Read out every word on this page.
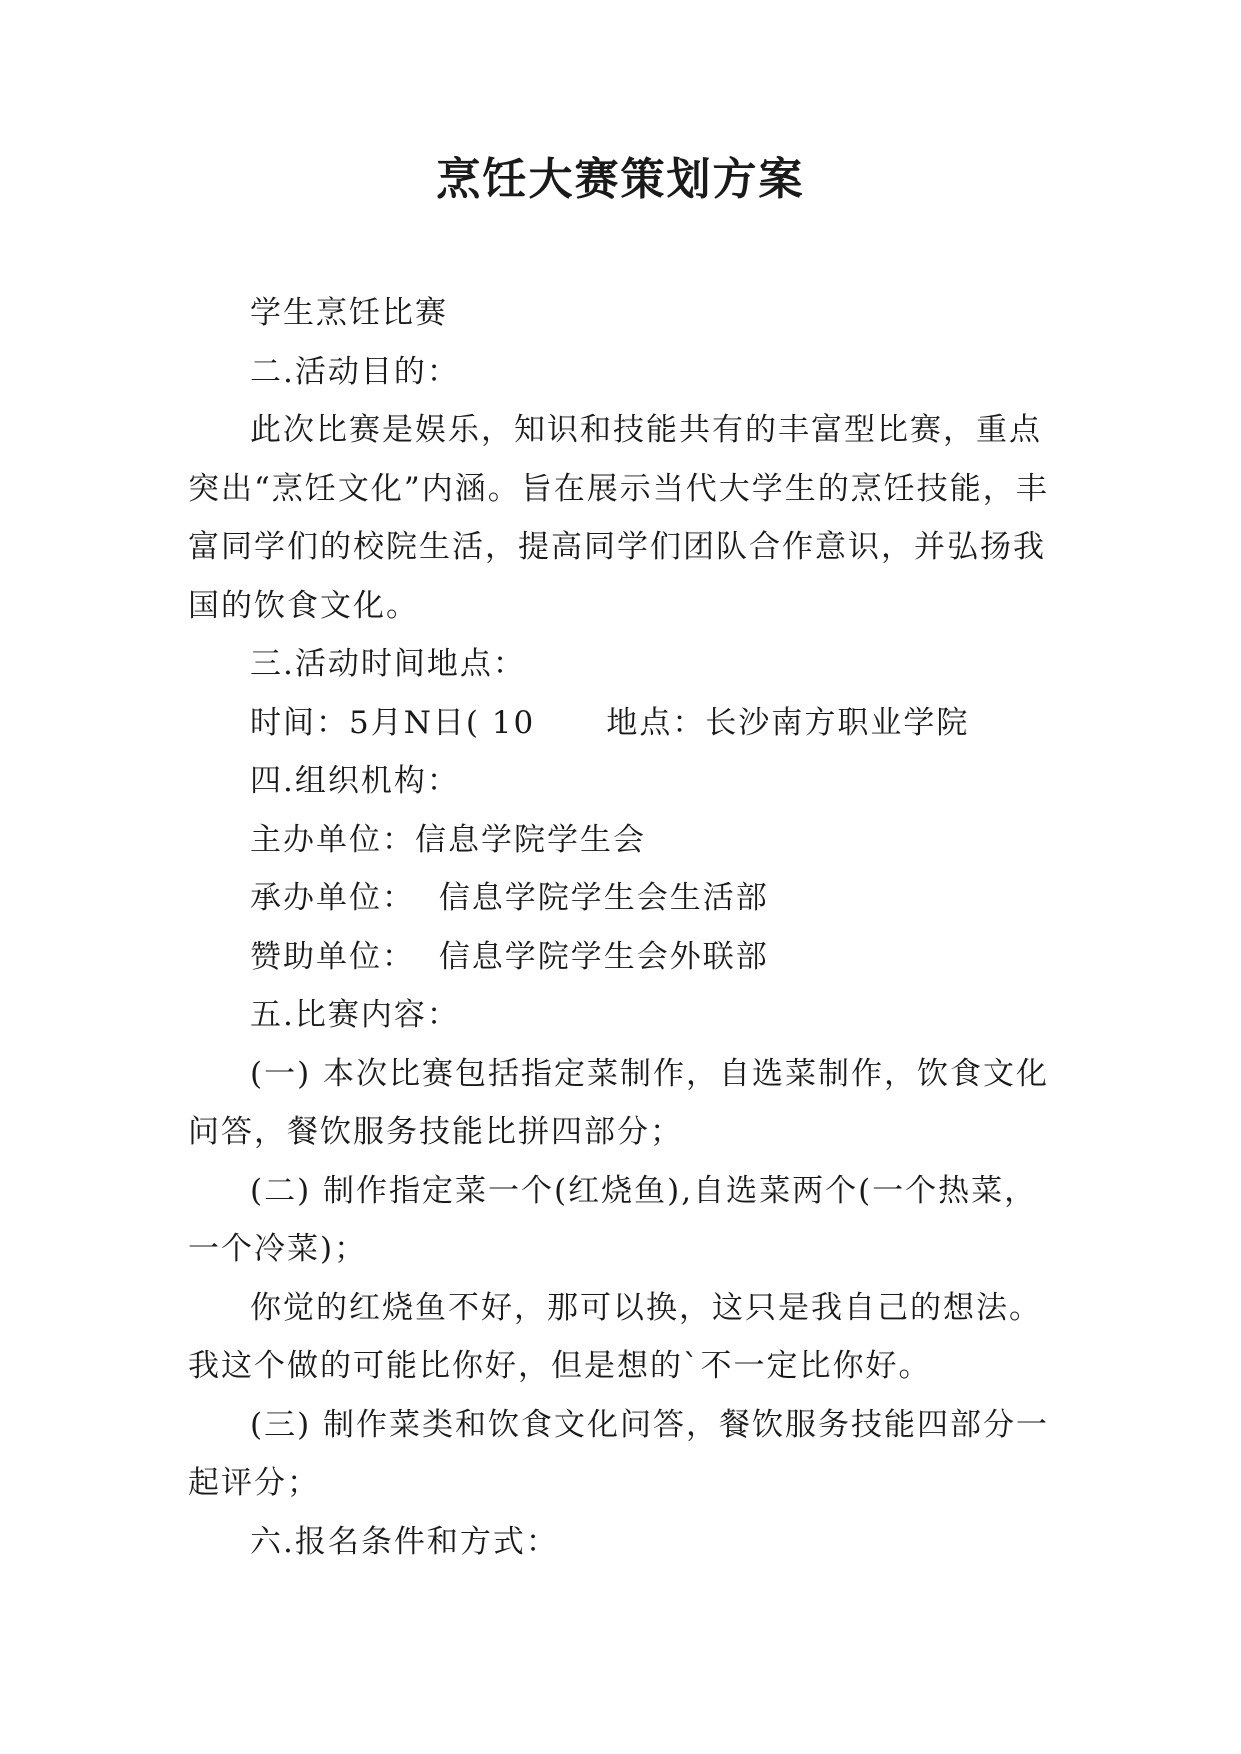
烹饪大赛策划方案

学生烹饪比赛

二.活动目的：

此次比赛是娱乐，知识和技能共有的丰富型比赛，重点突出“烹饪文化”内涵。旨在展示当代大学生的烹饪技能，丰富同学们的校院生活，提高同学们团队合作意识，并弘扬我国的饮食文化。

三.活动时间地点：

时间：5月N日( 10      地点：长沙南方职业学院

四.组织机构：

主办单位：信息学院学生会

承办单位：  信息学院学生会生活部

赞助单位：  信息学院学生会外联部

五.比赛内容：

(一) 本次比赛包括指定菜制作，自选菜制作，饮食文化问答，餐饮服务技能比拼四部分；

(二) 制作指定菜一个(红烧鱼),自选菜两个(一个热菜，一个冷菜)；

你觉的红烧鱼不好，那可以换，这只是我自己的想法。我这个做的可能比你好，但是想的`不一定比你好。

(三) 制作菜类和饮食文化问答，餐饮服务技能四部分一起评分；

六.报名条件和方式：
